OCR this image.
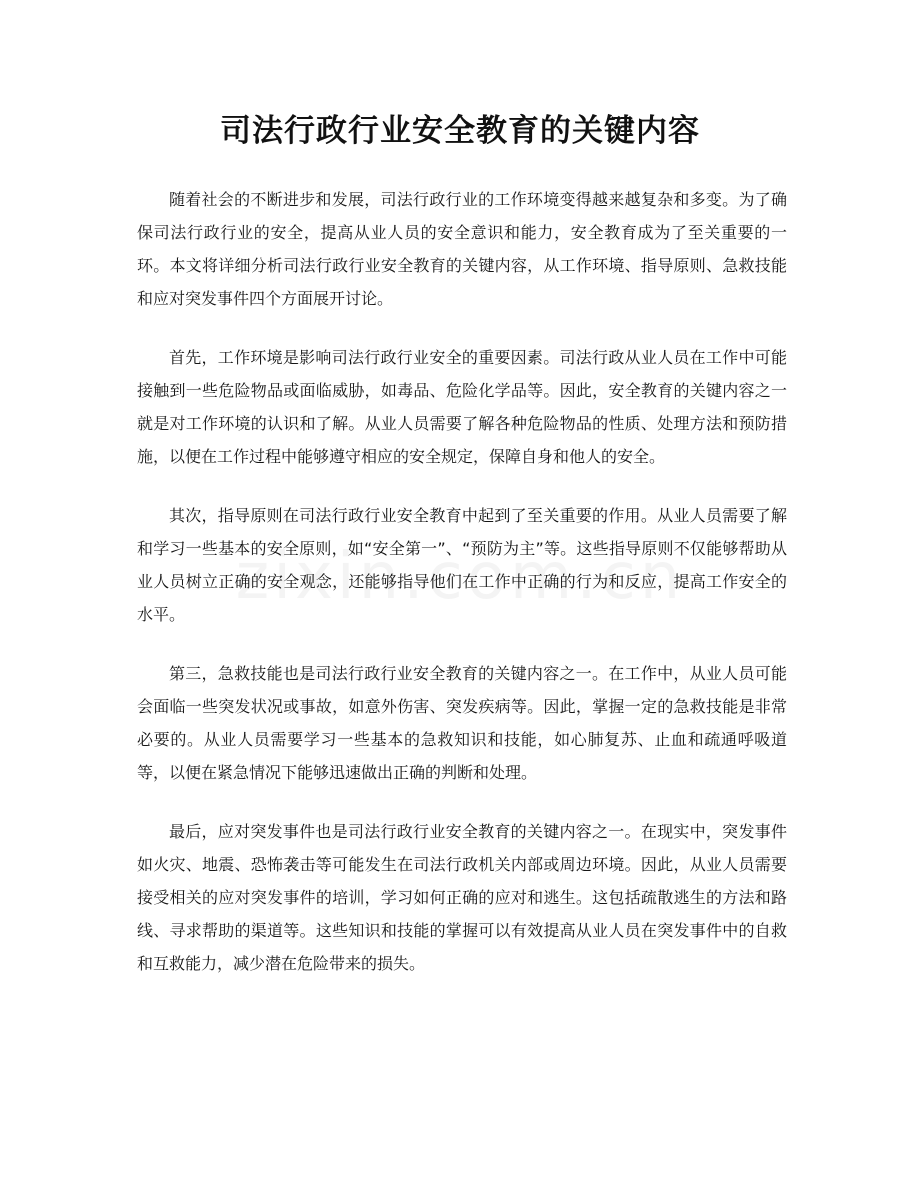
司法行政行业安全教育的关键内容

随着社会的不断进步和发展，司法行政行业的工作环境变得越来越复杂和多变。为了确保司法行政行业的安全，提高从业人员的安全意识和能力，安全教育成为了至关重要的一环。本文将详细分析司法行政行业安全教育的关键内容，从工作环境、指导原则、急救技能和应对突发事件四个方面展开讨论。

首先，工作环境是影响司法行政行业安全的重要因素。司法行政从业人员在工作中可能接触到一些危险物品或面临威胁，如毒品、危险化学品等。因此，安全教育的关键内容之一就是对工作环境的认识和了解。从业人员需要了解各种危险物品的性质、处理方法和预防措施，以便在工作过程中能够遵守相应的安全规定，保障自身和他人的安全。

其次，指导原则在司法行政行业安全教育中起到了至关重要的作用。从业人员需要了解和学习一些基本的安全原则，如“安全第一”、“预防为主”等。这些指导原则不仅能够帮助从业人员树立正确的安全观念，还能够指导他们在工作中正确的行为和反应，提高工作安全的水平。

第三，急救技能也是司法行政行业安全教育的关键内容之一。在工作中，从业人员可能会面临一些突发状况或事故，如意外伤害、突发疾病等。因此，掌握一定的急救技能是非常必要的。从业人员需要学习一些基本的急救知识和技能，如心肺复苏、止血和疏通呼吸道等，以便在紧急情况下能够迅速做出正确的判断和处理。

最后，应对突发事件也是司法行政行业安全教育的关键内容之一。在现实中，突发事件如火灾、地震、恐怖袭击等可能发生在司法行政机关内部或周边环境。因此，从业人员需要接受相关的应对突发事件的培训，学习如何正确的应对和逃生。这包括疏散逃生的方法和路线、寻求帮助的渠道等。这些知识和技能的掌握可以有效提高从业人员在突发事件中的自救和互救能力，减少潜在危险带来的损失。
